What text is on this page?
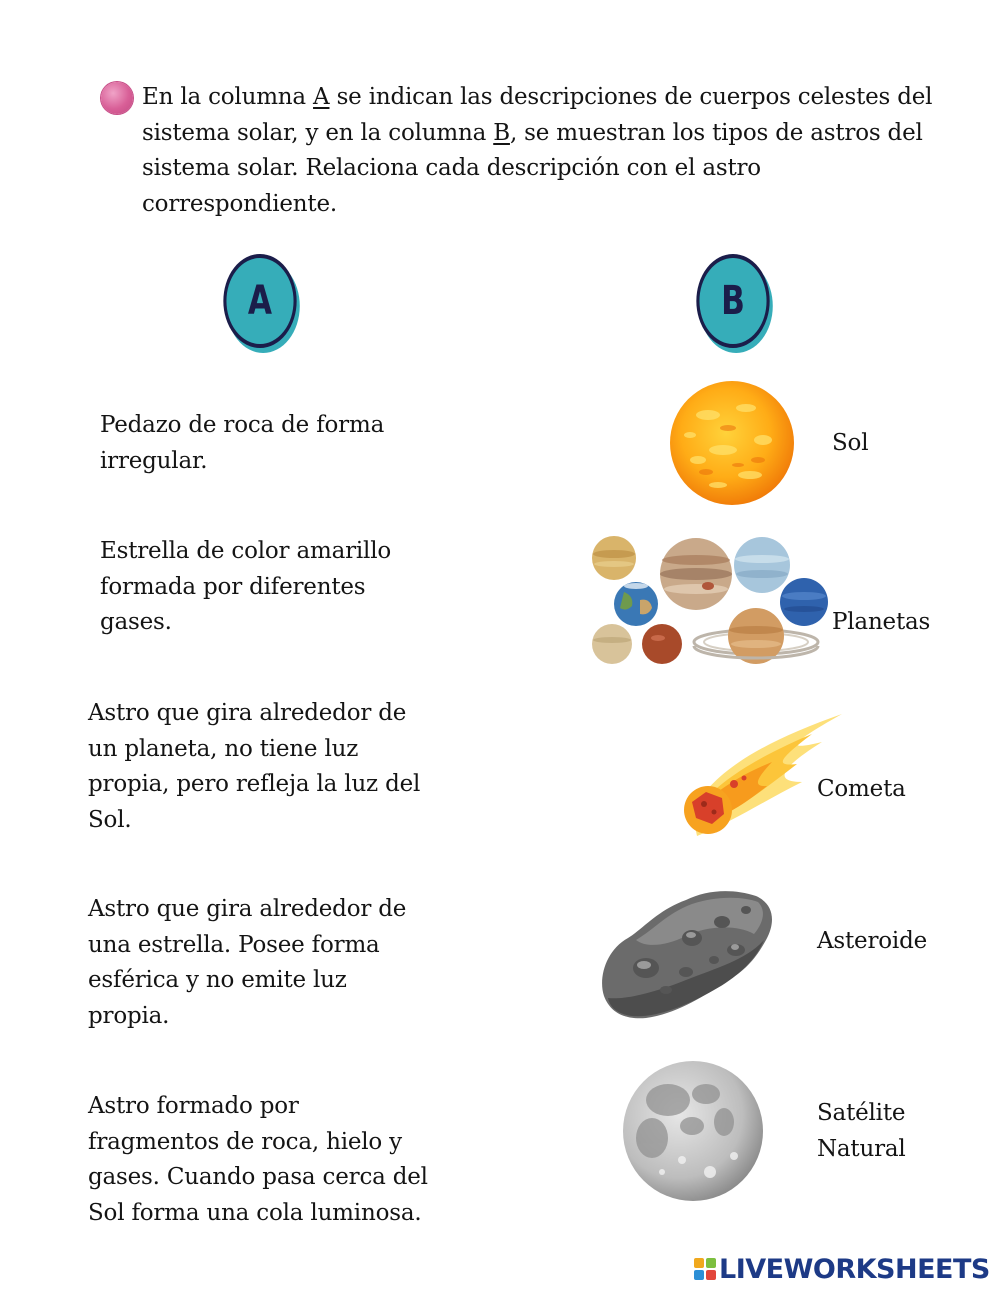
En la columna A se indican las descripciones de cuerpos celestes del sistema solar, y en la columna B, se muestran los tipos de astros del sistema solar. Relaciona cada descripción con el astro correspondiente.
A	B
Pedazo de roca de forma irregular.
Estrella de color amarillo formada por diferentes gases.
Astro que gira alrededor de un planeta, no tiene luz propia, pero refleja la luz del Sol.
Astro que gira alrededor de una estrella. Posee forma esférica y no emite luz propia.
Astro formado por fragmentos de roca, hielo y gases. Cuando pasa cerca del Sol forma una cola luminosa.
Sol
Planetas
Cometa
Asteroide
Satélite Natural
LIVEWORKSHEETS
